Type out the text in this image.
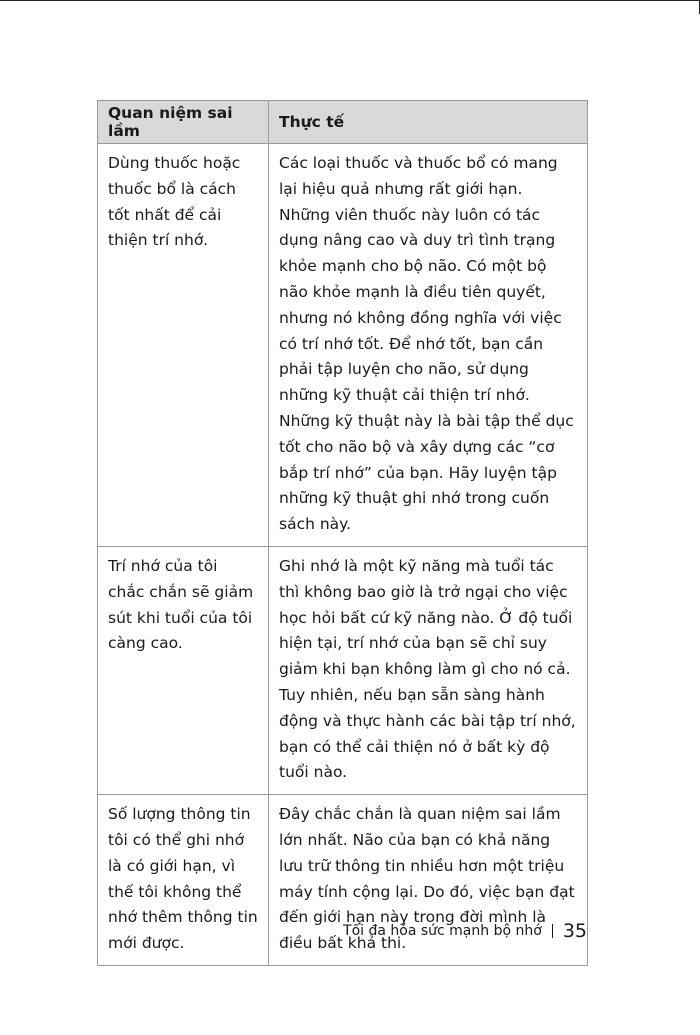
Quan niệm sai lầm	Thực tế
Dùng thuốc hoặc thuốc bổ là cách tốt nhất để cải thiện trí nhớ.	Các loại thuốc và thuốc bổ có mang lại hiệu quả nhưng rất giới hạn. Những viên thuốc này luôn có tác dụng nâng cao và duy trì tình trạng khỏe mạnh cho bộ não. Có một bộ não khỏe mạnh là điều tiên quyết, nhưng nó không đồng nghĩa với việc có trí nhớ tốt. Để nhớ tốt, bạn cần phải tập luyện cho não, sử dụng những kỹ thuật cải thiện trí nhớ. Những kỹ thuật này là bài tập thể dục tốt cho não bộ và xây dựng các “cơ bắp trí nhớ” của bạn. Hãy luyện tập những kỹ thuật ghi nhớ trong cuốn sách này.
Trí nhớ của tôi chắc chắn sẽ giảm sút khi tuổi của tôi càng cao.	Ghi nhớ là một kỹ năng mà tuổi tác thì không bao giờ là trở ngại cho việc học hỏi bất cứ kỹ năng nào. Ở độ tuổi hiện tại, trí nhớ của bạn sẽ chỉ suy giảm khi bạn không làm gì cho nó cả. Tuy nhiên, nếu bạn sẵn sàng hành động và thực hành các bài tập trí nhớ, bạn có thể cải thiện nó ở bất kỳ độ tuổi nào.
Số lượng thông tin tôi có thể ghi nhớ là có giới hạn, vì thế tôi không thể nhớ thêm thông tin mới được.	Đây chắc chắn là quan niệm sai lầm lớn nhất. Não của bạn có khả năng lưu trữ thông tin nhiều hơn một triệu máy tính cộng lại. Do đó, việc bạn đạt đến giới hạn này trong đời mình là điều bất khả thi.
Tối đa hóa sức mạnh bộ nhớ 35
